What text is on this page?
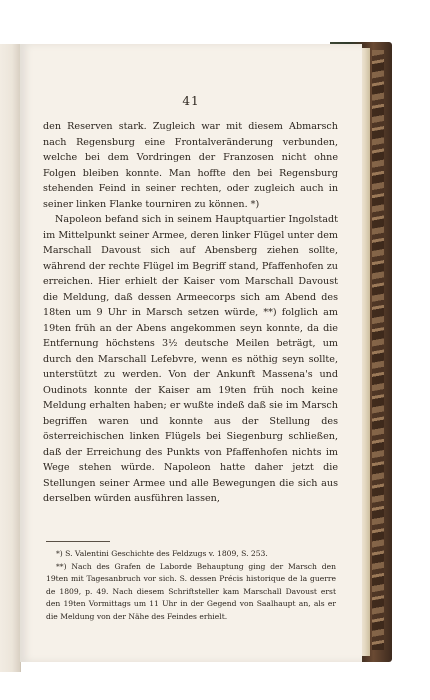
41

den Reserven stark. Zugleich war mit diesem Abmarsch nach Regensburg eine Frontalveränderung verbunden, welche bei dem Vordringen der Franzosen nicht ohne Folgen bleiben konnte. Man hoffte den bei Regensburg stehenden Feind in seiner rechten, oder zugleich auch in seiner linken Flanke tourniren zu können. *)

Napoleon befand sich in seinem Hauptquartier Ingolstadt im Mittelpunkt seiner Armee, deren linker Flügel unter dem Marschall Davoust sich auf Abensberg ziehen sollte, während der rechte Flügel im Begriff stand, Pfaffenhofen zu erreichen. Hier erhielt der Kaiser vom Marschall Davoust die Meldung, daß dessen Armeecorps sich am Abend des 18ten um 9 Uhr in Marsch setzen würde, **) folglich am 19ten früh an der Abens angekommen seyn konnte, da die Entfernung höchstens 3½ deutsche Meilen beträgt, um durch den Marschall Lefebvre, wenn es nöthig seyn sollte, unterstützt zu werden. Von der Ankunft Massena's und Oudinots konnte der Kaiser am 19ten früh noch keine Meldung erhalten haben; er wußte indeß daß sie im Marsch begriffen waren und konnte aus der Stellung des österreichischen linken Flügels bei Siegenburg schließen, daß der Erreichung des Punkts von Pfaffenhofen nichts im Wege stehen würde. Napoleon hatte daher jetzt die Stellungen seiner Armee und alle Bewegungen die sich aus derselben würden ausführen lassen,

*) S. Valentini Geschichte des Feldzugs v. 1809, S. 253.

**) Nach des Grafen de Laborde Behauptung ging der Marsch den 19ten mit Tagesanbruch vor sich. S. dessen Précis historique de la guerre de 1809, p. 49. Nach diesem Schriftsteller kam Marschall Davoust erst den 19ten Vormittags um 11 Uhr in der Gegend von Saalhaupt an, als er die Meldung von der Nähe des Feindes erhielt.
